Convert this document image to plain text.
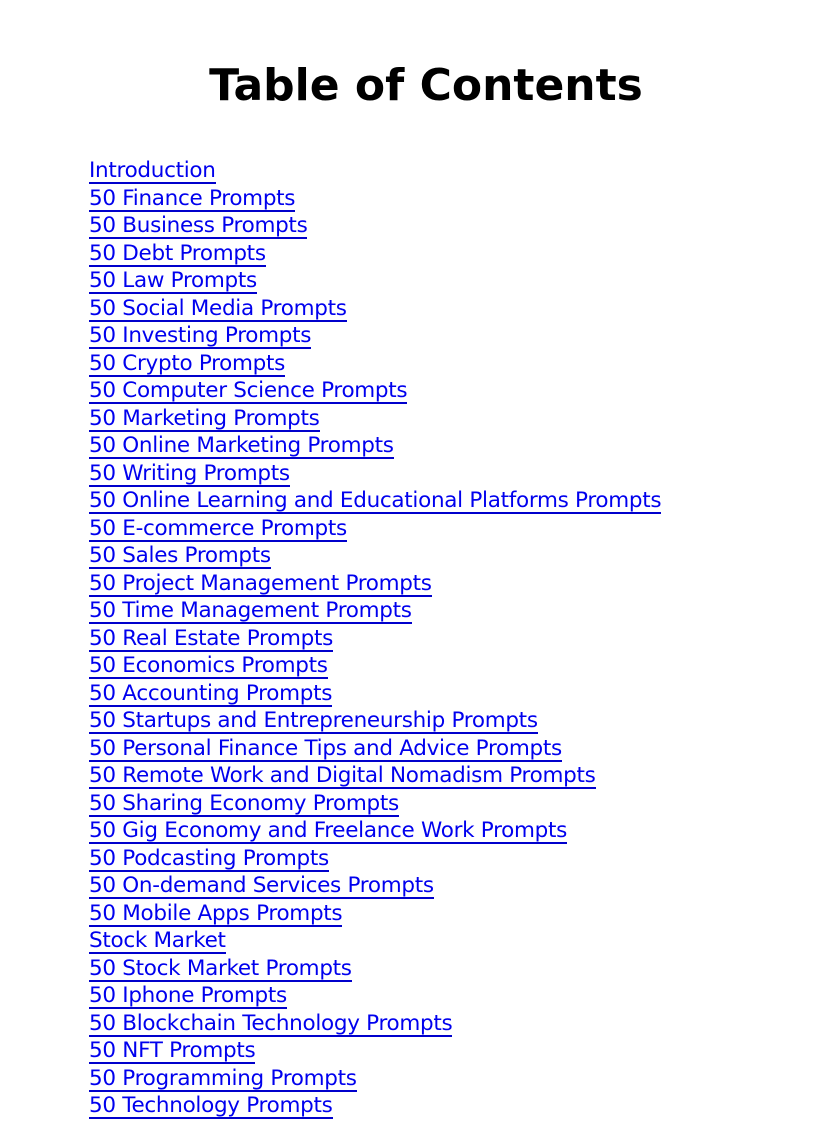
Table of Contents
Introduction
50 Finance Prompts
50 Business Prompts
50 Debt Prompts
50 Law Prompts
50 Social Media Prompts
50 Investing Prompts
50 Crypto Prompts
50 Computer Science Prompts
50 Marketing Prompts
50 Online Marketing Prompts
50 Writing Prompts
50 Online Learning and Educational Platforms Prompts
50 E-commerce Prompts
50 Sales Prompts
50 Project Management Prompts
50 Time Management Prompts
50 Real Estate Prompts
50 Economics Prompts
50 Accounting Prompts
50 Startups and Entrepreneurship Prompts
50 Personal Finance Tips and Advice Prompts
50 Remote Work and Digital Nomadism Prompts
50 Sharing Economy Prompts
50 Gig Economy and Freelance Work Prompts
50 Podcasting Prompts
50 On-demand Services Prompts
50 Mobile Apps Prompts
Stock Market
50 Stock Market Prompts
50 Iphone Prompts
50 Blockchain Technology Prompts
50 NFT Prompts
50 Programming Prompts
50 Technology Prompts
